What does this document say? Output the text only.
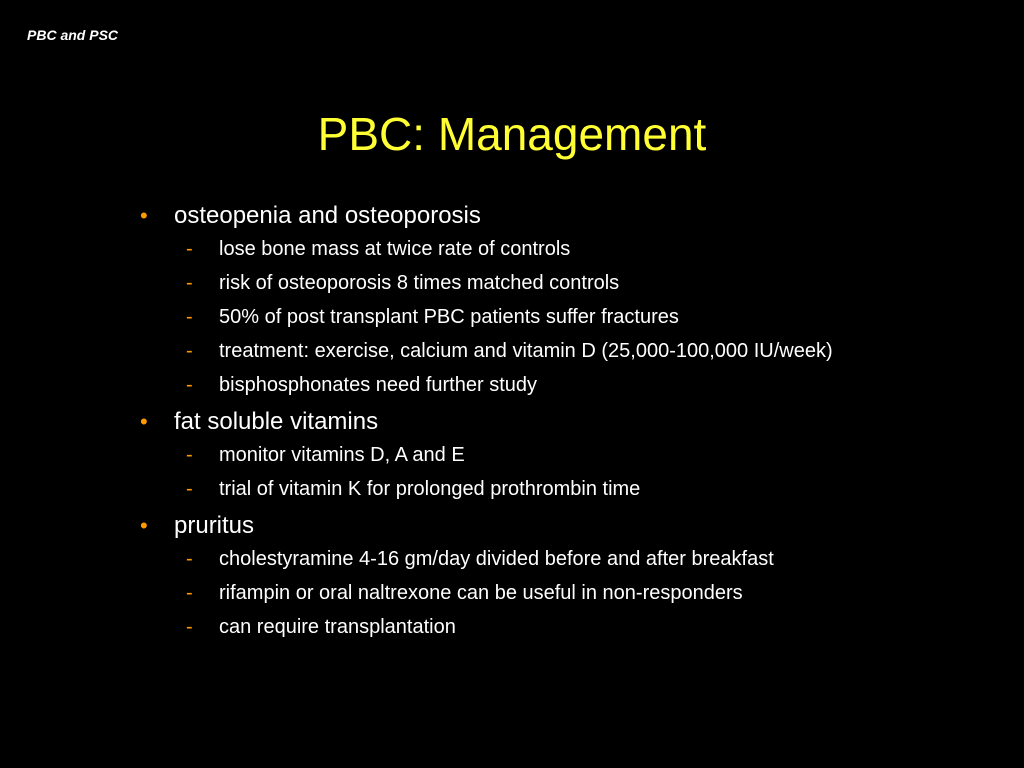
PBC and PSC
PBC: Management
• osteopenia and osteoporosis
- lose bone mass at twice rate of controls
- risk of osteoporosis 8 times matched controls
- 50% of post transplant PBC patients suffer fractures
- treatment: exercise, calcium and vitamin D (25,000-100,000 IU/week)
- bisphosphonates need further study
• fat soluble vitamins
- monitor vitamins D, A and E
- trial of vitamin K for prolonged prothrombin time
• pruritus
- cholestyramine 4-16 gm/day divided before and after breakfast
- rifampin or oral naltrexone can be useful in non-responders
- can require transplantation
